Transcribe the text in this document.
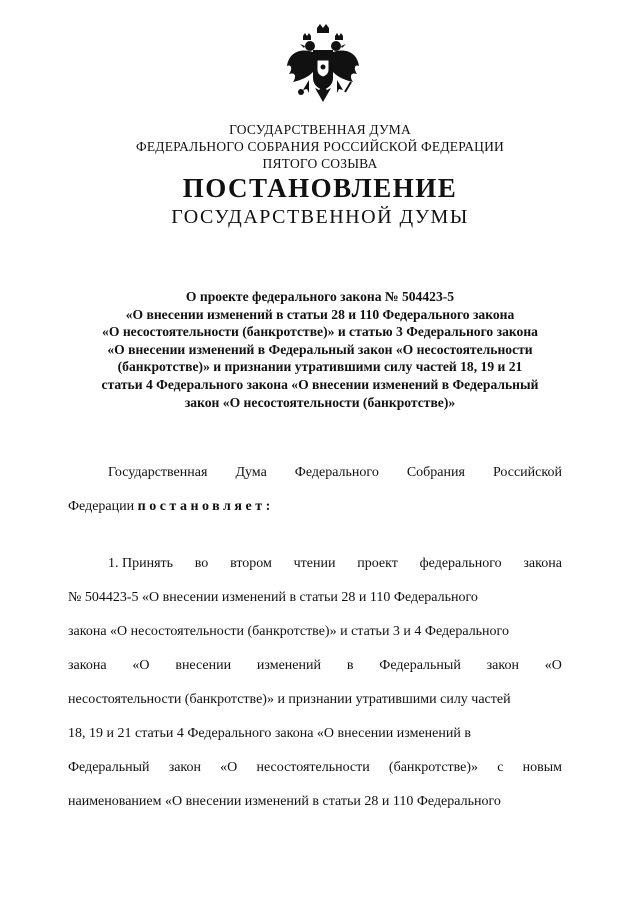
ГОСУДАРСТВЕННАЯ ДУМА
ФЕДЕРАЛЬНОГО СОБРАНИЯ РОССИЙСКОЙ ФЕДЕРАЦИИ
ПЯТОГО СОЗЫВА
ПОСТАНОВЛЕНИЕ
ГОСУДАРСТВЕННОЙ ДУМЫ
О проекте федерального закона № 504423-5
«О внесении изменений в статьи 28 и 110 Федерального закона
«О несостоятельности (банкротстве)» и статью 3 Федерального закона
«О внесении изменений в Федеральный закон «О несостоятельности
(банкротстве)» и признании утратившими силу частей 18, 19 и 21
статьи 4 Федерального закона «О внесении изменений в Федеральный
закон «О несостоятельности (банкротстве)»
Государственная Дума Федерального Собрания Российской
Федерации постановляет:
1. Принять во втором чтении проект федерального закона
№ 504423-5 «О внесении изменений в статьи 28 и 110 Федерального
закона «О несостоятельности (банкротстве)» и статьи 3 и 4 Федерального
закона «О внесении изменений в Федеральный закон «О
несостоятельности (банкротстве)» и признании утратившими силу частей
18, 19 и 21 статьи 4 Федерального закона «О внесении изменений в
Федеральный закон «О несостоятельности (банкротстве)» с новым
наименованием «О внесении изменений в статьи 28 и 110 Федерального
